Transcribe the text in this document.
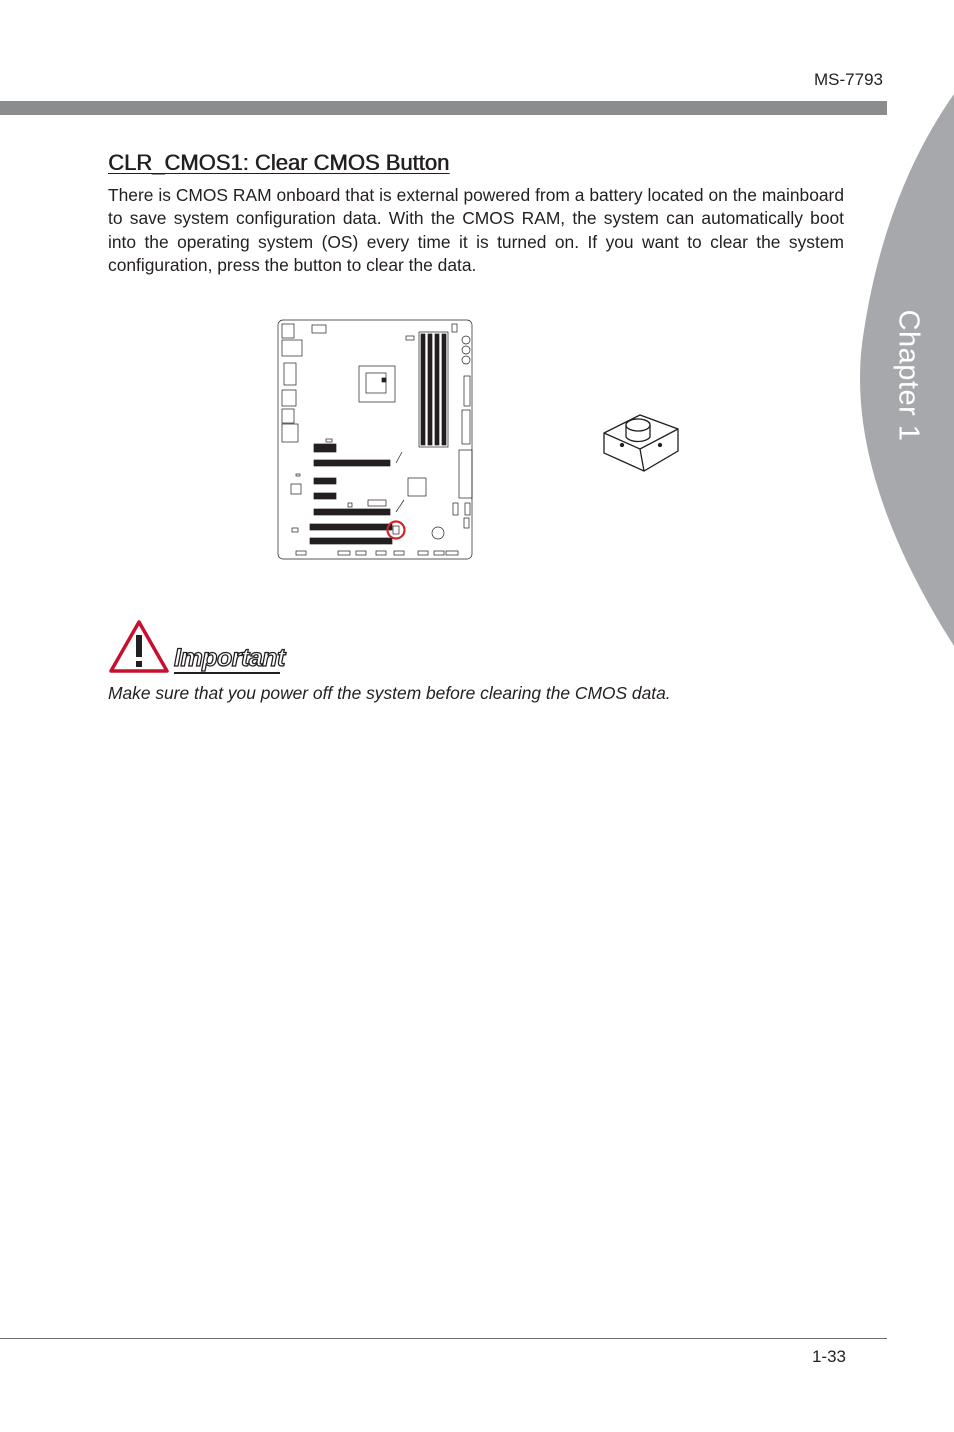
MS-7793
Chapter 1
CLR_CMOS1: Clear CMOS Button

There is CMOS RAM onboard that is external powered from a battery located on the mainboard to save system configuration data. With the CMOS RAM, the system can automatically boot into the operating system (OS) every time it is turned on. If you want to clear the system configuration, press the button to clear the data.

Important

Make sure that you power off the system before clearing the CMOS data.

1-33
